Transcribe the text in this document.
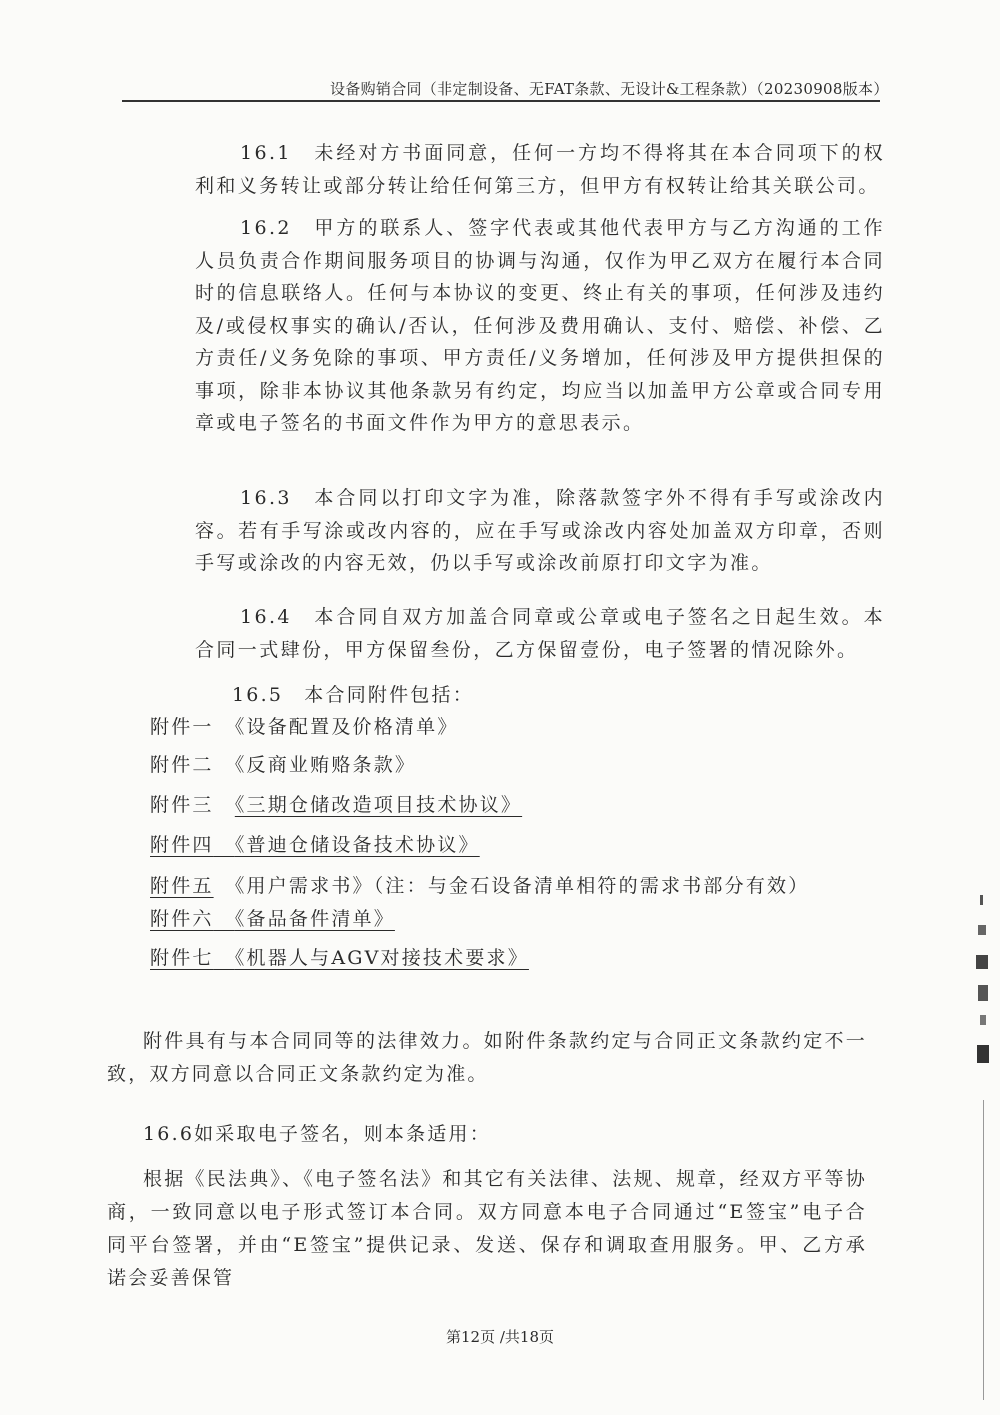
设备购销合同（非定制设备、无FAT条款、无设计&工程条款）（20230908版本）

16.1　未经对方书面同意，任何一方均不得将其在本合同项下的权利和义务转让或部分转让给任何第三方，但甲方有权转让给其关联公司。

16.2　甲方的联系人、签字代表或其他代表甲方与乙方沟通的工作人员负责合作期间服务项目的协调与沟通，仅作为甲乙双方在履行本合同时的信息联络人。任何与本协议的变更、终止有关的事项，任何涉及违约及/或侵权事实的确认/否认，任何涉及费用确认、支付、赔偿、补偿、乙方责任/义务免除的事项、甲方责任/义务增加，任何涉及甲方提供担保的事项，除非本协议其他条款另有约定，均应当以加盖甲方公章或合同专用章或电子签名的书面文件作为甲方的意思表示。

16.3　本合同以打印文字为准，除落款签字外不得有手写或涂改内容。若有手写涂或改内容的，应在手写或涂改内容处加盖双方印章，否则手写或涂改的内容无效，仍以手写或涂改前原打印文字为准。

16.4　本合同自双方加盖合同章或公章或电子签名之日起生效。本合同一式肆份，甲方保留叁份，乙方保留壹份，电子签署的情况除外。

16.5　本合同附件包括：
附件一　 《设备配置及价格清单》
附件二　 《反商业贿赂条款》
附件三　 《三期仓储改造项目技术协议》
附件四　 《普迪仓储设备技术协议》
附件五　 《用户需求书》（注：与金石设备清单相符的需求书部分有效）
附件六　 《备品备件清单》
附件七　 《机器人与AGV对接技术要求》

附件具有与本合同同等的法律效力。如附件条款约定与合同正文条款约定不一致，双方同意以合同正文条款约定为准。

16.6如采取电子签名，则本条适用：

根据《民法典》、《电子签名法》和其它有关法律、法规、规章，经双方平等协商，一致同意以电子形式签订本合同。双方同意本电子合同通过“E签宝”电子合同平台签署，并由“E签宝”提供记录、发送、保存和调取查用服务。甲、乙方承诺会妥善保管

第12页 /共18页
